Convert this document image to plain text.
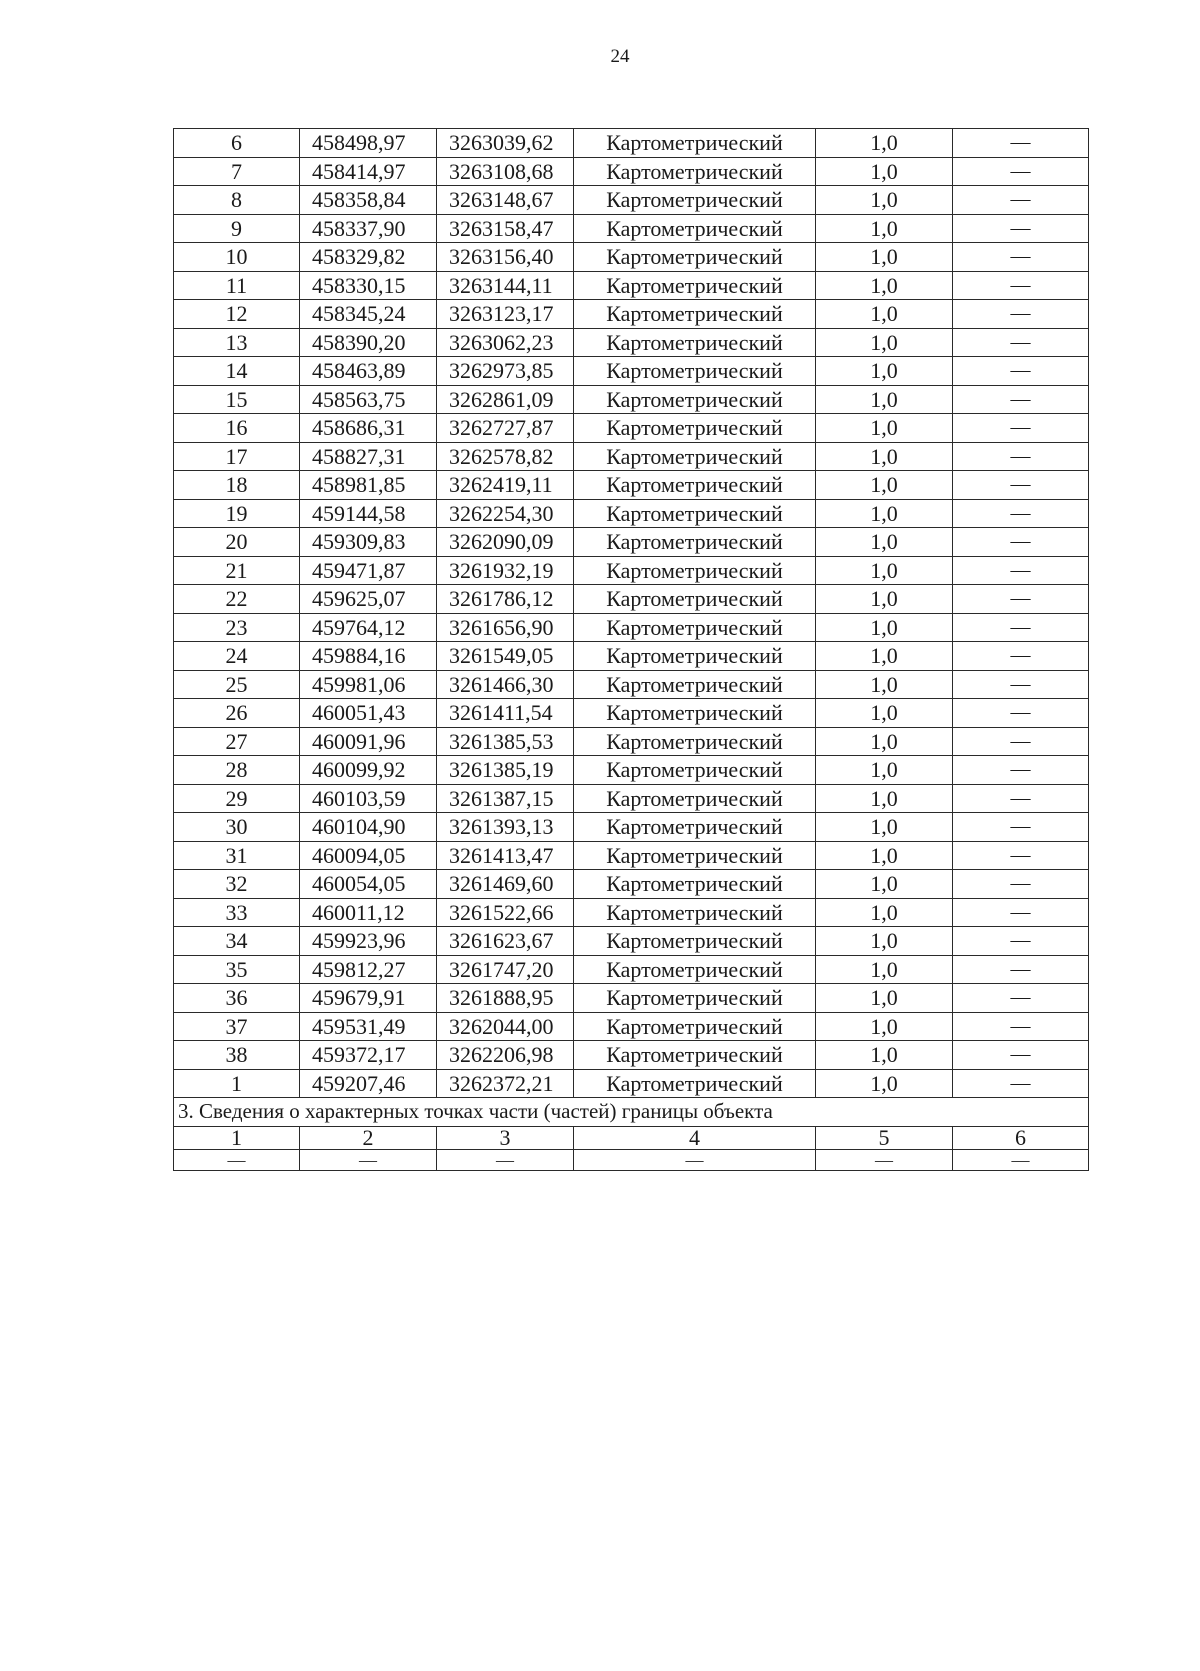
24
6	458498,97	3263039,62	Картометрический	1,0	—
7	458414,97	3263108,68	Картометрический	1,0	—
8	458358,84	3263148,67	Картометрический	1,0	—
9	458337,90	3263158,47	Картометрический	1,0	—
10	458329,82	3263156,40	Картометрический	1,0	—
11	458330,15	3263144,11	Картометрический	1,0	—
12	458345,24	3263123,17	Картометрический	1,0	—
13	458390,20	3263062,23	Картометрический	1,0	—
14	458463,89	3262973,85	Картометрический	1,0	—
15	458563,75	3262861,09	Картометрический	1,0	—
16	458686,31	3262727,87	Картометрический	1,0	—
17	458827,31	3262578,82	Картометрический	1,0	—
18	458981,85	3262419,11	Картометрический	1,0	—
19	459144,58	3262254,30	Картометрический	1,0	—
20	459309,83	3262090,09	Картометрический	1,0	—
21	459471,87	3261932,19	Картометрический	1,0	—
22	459625,07	3261786,12	Картометрический	1,0	—
23	459764,12	3261656,90	Картометрический	1,0	—
24	459884,16	3261549,05	Картометрический	1,0	—
25	459981,06	3261466,30	Картометрический	1,0	—
26	460051,43	3261411,54	Картометрический	1,0	—
27	460091,96	3261385,53	Картометрический	1,0	—
28	460099,92	3261385,19	Картометрический	1,0	—
29	460103,59	3261387,15	Картометрический	1,0	—
30	460104,90	3261393,13	Картометрический	1,0	—
31	460094,05	3261413,47	Картометрический	1,0	—
32	460054,05	3261469,60	Картометрический	1,0	—
33	460011,12	3261522,66	Картометрический	1,0	—
34	459923,96	3261623,67	Картометрический	1,0	—
35	459812,27	3261747,20	Картометрический	1,0	—
36	459679,91	3261888,95	Картометрический	1,0	—
37	459531,49	3262044,00	Картометрический	1,0	—
38	459372,17	3262206,98	Картометрический	1,0	—
1	459207,46	3262372,21	Картометрический	1,0	—
3. Сведения о характерных точках части (частей) границы объекта					
1	2	3	4	5	6
—	—	—	—	—	—
